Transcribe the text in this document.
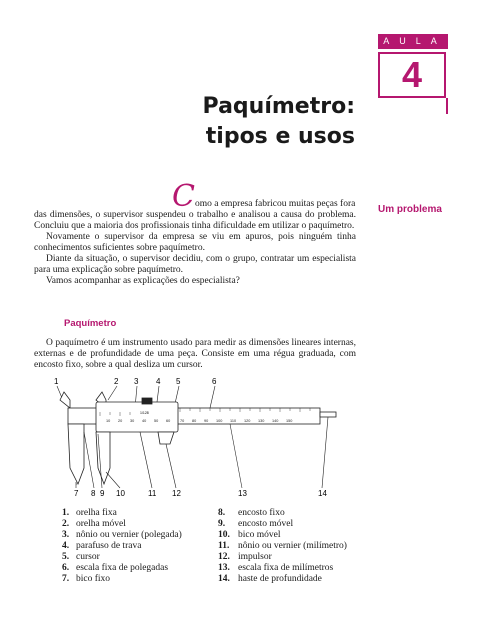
AULA
4
Paquímetro:
tipos e usos
Um problema
Como a empresa fabricou muitas peças fora
das dimensões, o supervisor suspendeu o trabalho e analisou a causa do problema. Concluiu que a maioria dos profissionais tinha dificuldade em utilizar o paquímetro.
Novamente o supervisor da empresa se viu em apuros, pois ninguém tinha conhecimentos suficientes sobre paquímetro.
Diante da situação, o supervisor decidiu, com o grupo, contratar um especialista para uma explicação sobre paquímetro.
Vamos acompanhar as explicações do especialista?
Paquímetro
O paquímetro é um instrumento usado para medir as dimensões lineares internas, externas e de profundidade de uma peça. Consiste em uma régua graduada, com encosto fixo, sobre a qual desliza um cursor.
1	2 3 4 5	6
1/128
10 20 30 40 50 60	70 80 90 100 110 120 130 140 150
7 8 9 10	11 12	13	14
1. orelha fixa
2. orelha móvel
3. nônio ou vernier (polegada)
4. parafuso de trava
5. cursor
6. escala fixa de polegadas
7. bico fixo
8. encosto fixo
9. encosto móvel
10. bico móvel
11. nônio ou vernier (milímetro)
12. impulsor
13. escala fixa de milímetros
14. haste de profundidade
